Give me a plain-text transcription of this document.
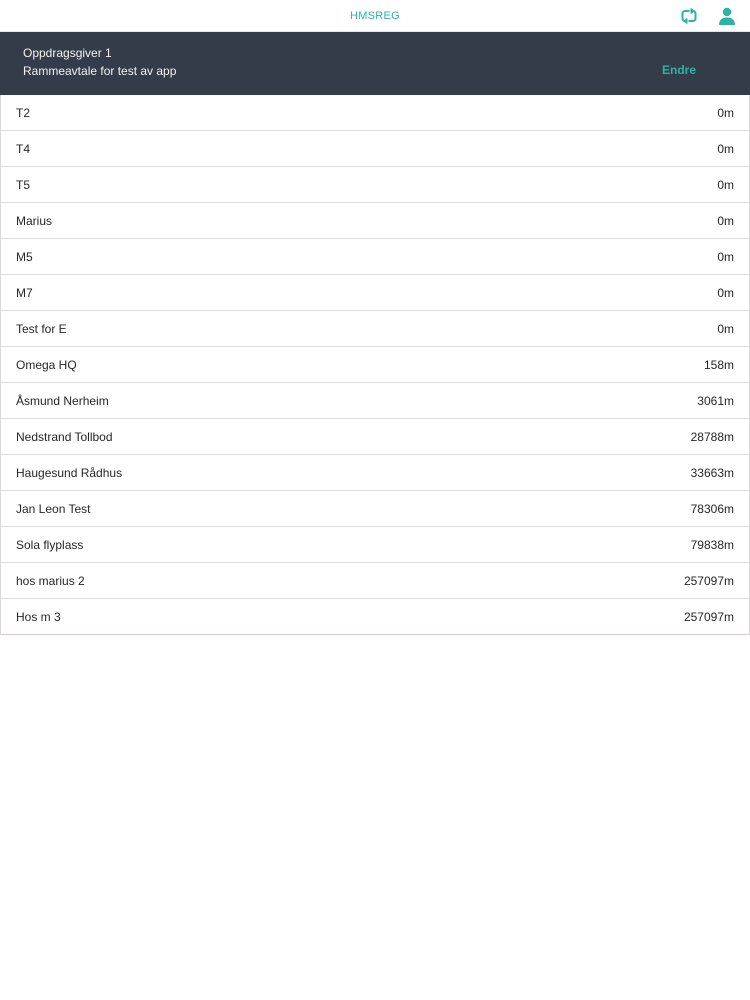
HMSREG
Oppdragsgiver 1
Rammeavtale for test av app	Endre
T2	0m
T4	0m
T5	0m
Marius	0m
M5	0m
M7	0m
Test for E	0m
Omega HQ	158m
Åsmund Nerheim	3061m
Nedstrand Tollbod	28788m
Haugesund Rådhus	33663m
Jan Leon Test	78306m
Sola flyplass	79838m
hos marius 2	257097m
Hos m 3	257097m
